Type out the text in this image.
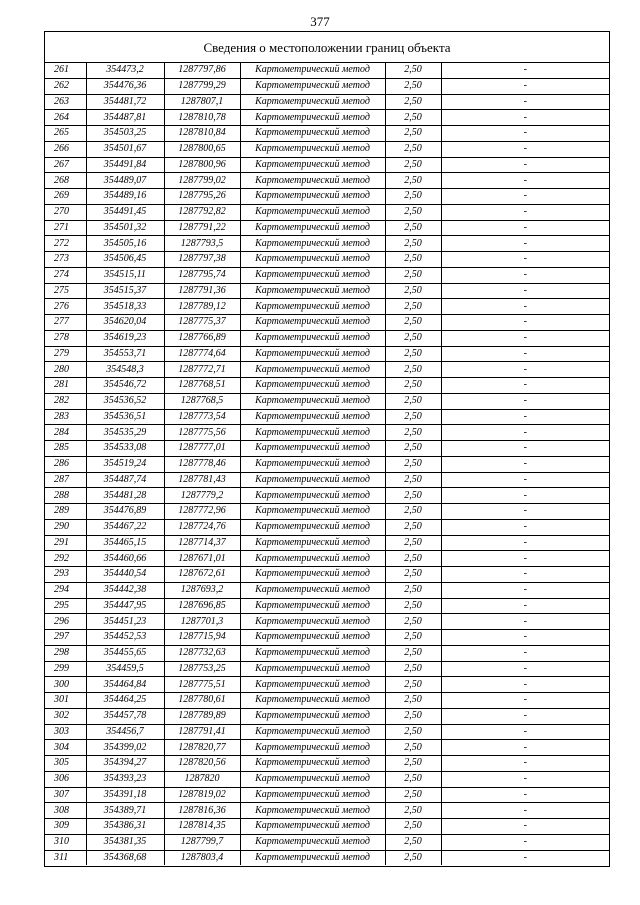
377
Сведения о местоположении границ объекта
261	354473,2	1287797,86	Картометрический метод	2,50	-
262	354476,36	1287799,29	Картометрический метод	2,50	-
263	354481,72	1287807,1	Картометрический метод	2,50	-
264	354487,81	1287810,78	Картометрический метод	2,50	-
265	354503,25	1287810,84	Картометрический метод	2,50	-
266	354501,67	1287800,65	Картометрический метод	2,50	-
267	354491,84	1287800,96	Картометрический метод	2,50	-
268	354489,07	1287799,02	Картометрический метод	2,50	-
269	354489,16	1287795,26	Картометрический метод	2,50	-
270	354491,45	1287792,82	Картометрический метод	2,50	-
271	354501,32	1287791,22	Картометрический метод	2,50	-
272	354505,16	1287793,5	Картометрический метод	2,50	-
273	354506,45	1287797,38	Картометрический метод	2,50	-
274	354515,11	1287795,74	Картометрический метод	2,50	-
275	354515,37	1287791,36	Картометрический метод	2,50	-
276	354518,33	1287789,12	Картометрический метод	2,50	-
277	354620,04	1287775,37	Картометрический метод	2,50	-
278	354619,23	1287766,89	Картометрический метод	2,50	-
279	354553,71	1287774,64	Картометрический метод	2,50	-
280	354548,3	1287772,71	Картометрический метод	2,50	-
281	354546,72	1287768,51	Картометрический метод	2,50	-
282	354536,52	1287768,5	Картометрический метод	2,50	-
283	354536,51	1287773,54	Картометрический метод	2,50	-
284	354535,29	1287775,56	Картометрический метод	2,50	-
285	354533,08	1287777,01	Картометрический метод	2,50	-
286	354519,24	1287778,46	Картометрический метод	2,50	-
287	354487,74	1287781,43	Картометрический метод	2,50	-
288	354481,28	1287779,2	Картометрический метод	2,50	-
289	354476,89	1287772,96	Картометрический метод	2,50	-
290	354467,22	1287724,76	Картометрический метод	2,50	-
291	354465,15	1287714,37	Картометрический метод	2,50	-
292	354460,66	1287671,01	Картометрический метод	2,50	-
293	354440,54	1287672,61	Картометрический метод	2,50	-
294	354442,38	1287693,2	Картометрический метод	2,50	-
295	354447,95	1287696,85	Картометрический метод	2,50	-
296	354451,23	1287701,3	Картометрический метод	2,50	-
297	354452,53	1287715,94	Картометрический метод	2,50	-
298	354455,65	1287732,63	Картометрический метод	2,50	-
299	354459,5	1287753,25	Картометрический метод	2,50	-
300	354464,84	1287775,51	Картометрический метод	2,50	-
301	354464,25	1287780,61	Картометрический метод	2,50	-
302	354457,78	1287789,89	Картометрический метод	2,50	-
303	354456,7	1287791,41	Картометрический метод	2,50	-
304	354399,02	1287820,77	Картометрический метод	2,50	-
305	354394,27	1287820,56	Картометрический метод	2,50	-
306	354393,23	1287820	Картометрический метод	2,50	-
307	354391,18	1287819,02	Картометрический метод	2,50	-
308	354389,71	1287816,36	Картометрический метод	2,50	-
309	354386,31	1287814,35	Картометрический метод	2,50	-
310	354381,35	1287799,7	Картометрический метод	2,50	-
311	354368,68	1287803,4	Картометрический метод	2,50	-
